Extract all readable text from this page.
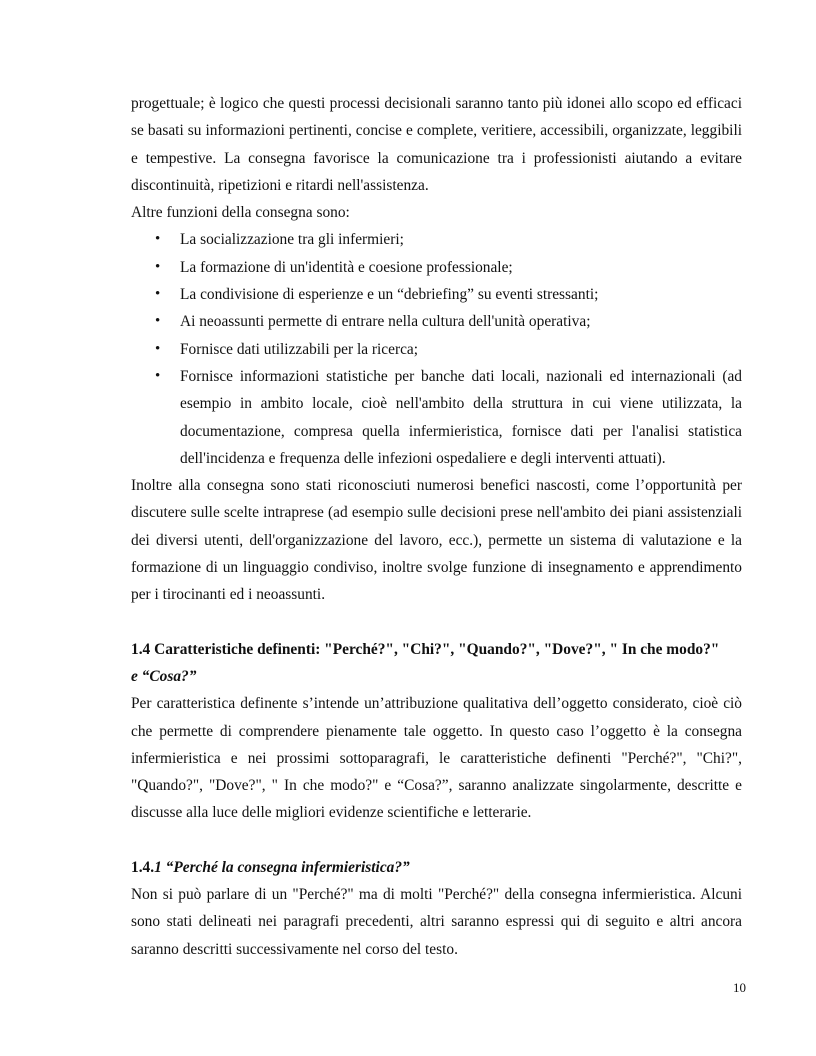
progettuale; è logico che questi processi decisionali saranno tanto più idonei allo scopo ed efficaci se basati su informazioni pertinenti, concise e complete, veritiere, accessibili, organizzate, leggibili e tempestive. La consegna favorisce la comunicazione tra i professionisti aiutando a evitare discontinuità, ripetizioni e ritardi nell'assistenza.

Altre funzioni della consegna sono:

• La socializzazione tra gli infermieri;
• La formazione di un'identità e coesione professionale;
• La condivisione di esperienze e un “debriefing” su eventi stressanti;
• Ai neoassunti permette di entrare nella cultura dell'unità operativa;
• Fornisce dati utilizzabili per la ricerca;
• Fornisce informazioni statistiche per banche dati locali, nazionali ed internazionali (ad esempio in ambito locale, cioè nell'ambito della struttura in cui viene utilizzata, la documentazione, compresa quella infermieristica, fornisce dati per l'analisi statistica dell'incidenza e frequenza delle infezioni ospedaliere e degli interventi attuati).

Inoltre alla consegna sono stati riconosciuti numerosi benefici nascosti, come l’opportunità per discutere sulle scelte intraprese (ad esempio sulle decisioni prese nell'ambito dei piani assistenziali dei diversi utenti, dell'organizzazione del lavoro, ecc.), permette un sistema di valutazione e la formazione di un linguaggio condiviso, inoltre svolge funzione di insegnamento e apprendimento per i tirocinanti ed i neoassunti.

1.4 Caratteristiche definenti: "Perché?", "Chi?", "Quando?", "Dove?", " In che modo?"
e “Cosa?”

Per caratteristica definente s’intende un’attribuzione qualitativa dell’oggetto considerato, cioè ciò che permette di comprendere pienamente tale oggetto. In questo caso l’oggetto è la consegna infermieristica e nei prossimi sottoparagrafi, le caratteristiche definenti "Perché?", "Chi?", "Quando?", "Dove?", " In che modo?" e “Cosa?”, saranno analizzate singolarmente, descritte e discusse alla luce delle migliori evidenze scientifiche e letterarie.

1.4.1 “Perché la consegna infermieristica?”

Non si può parlare di un "Perché?" ma di molti "Perché?" della consegna infermieristica. Alcuni sono stati delineati nei paragrafi precedenti, altri saranno espressi qui di seguito e altri ancora saranno descritti successivamente nel corso del testo.

10
